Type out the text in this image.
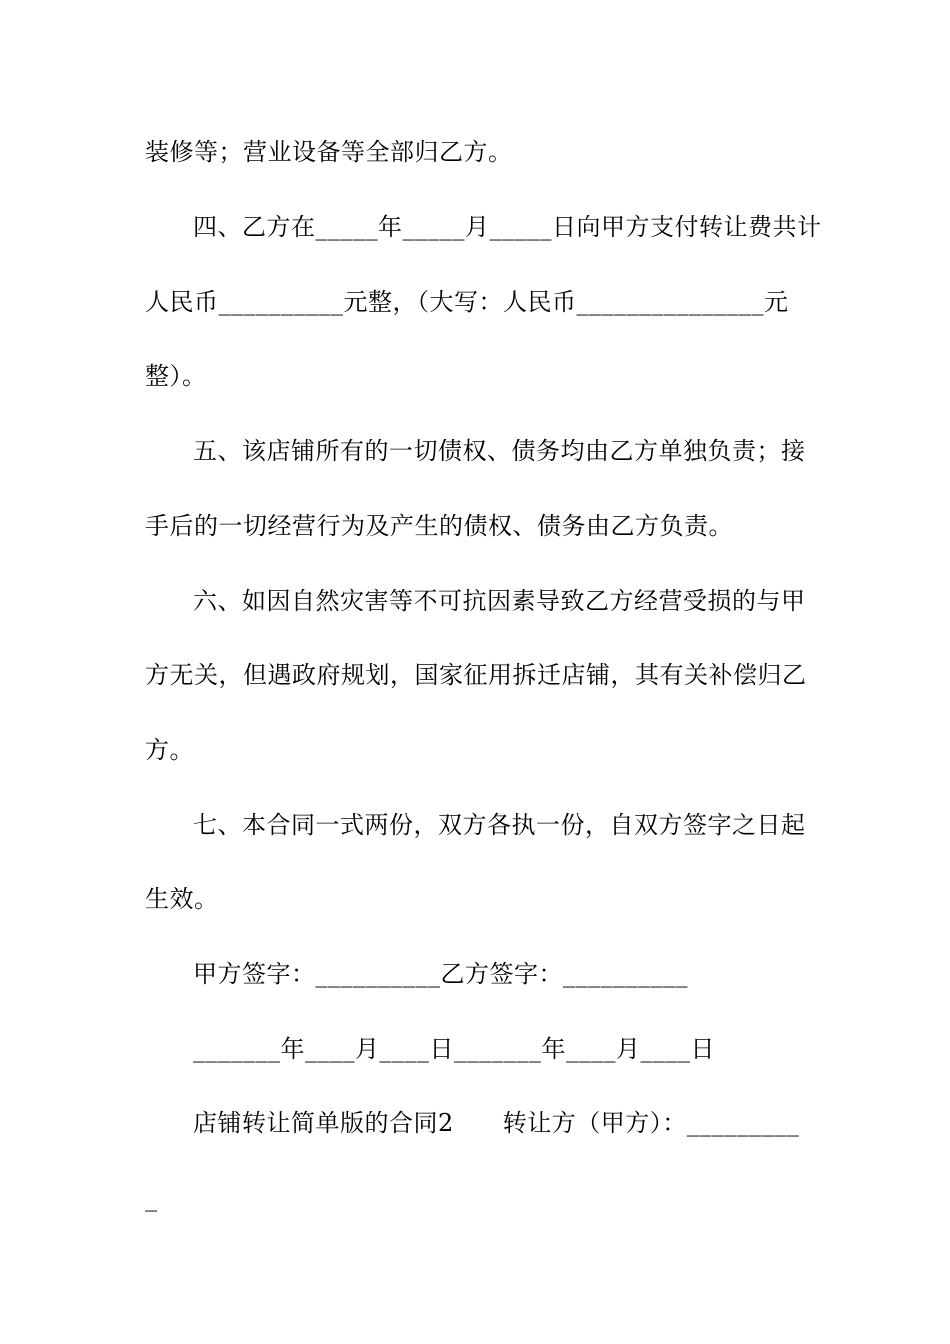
装修等；营业设备等全部归乙方。
四、乙方在_____年_____月_____日向甲方支付转让费共计
人民币__________元整，（大写：人民币_______________元
整）。
五、该店铺所有的一切债权、债务均由乙方单独负责；接
手后的一切经营行为及产生的债权、债务由乙方负责。
六、如因自然灾害等不可抗因素导致乙方经营受损的与甲
方无关，但遇政府规划，国家征用拆迁店铺，其有关补偿归乙
方。
七、本合同一式两份，双方各执一份，自双方签字之日起
生效。
甲方签字：__________乙方签字：__________
_______年____月____日_______年____月____日
店铺转让简单版的合同2　　转让方（甲方）：_________
_
